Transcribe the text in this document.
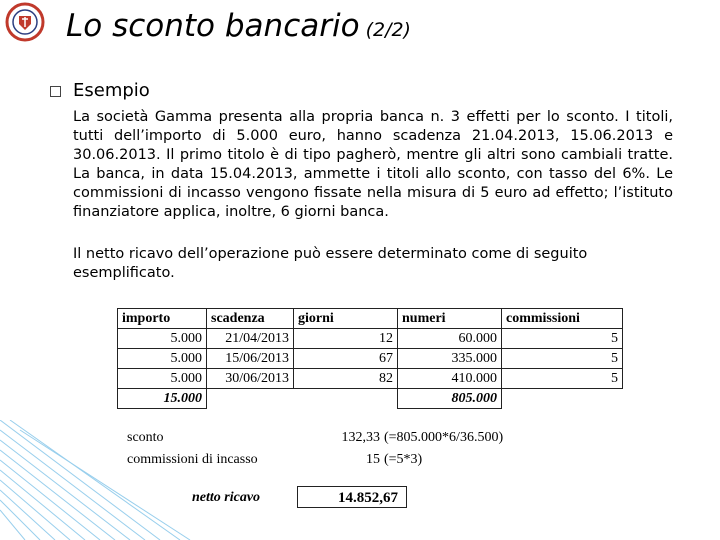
Lo sconto bancario (2/2)
Esempio
La società Gamma presenta alla propria banca n. 3 effetti per lo sconto. I titoli, tutti dell’importo di 5.000 euro, hanno scadenza 21.04.2013, 15.06.2013 e 30.06.2013. Il primo titolo è di tipo pagherò, mentre gli altri sono cambiali tratte. La banca, in data 15.04.2013, ammette i titoli allo sconto, con tasso del 6%. Le commissioni di incasso vengono fissate nella misura di 5 euro ad effetto; l’istituto finanziatore applica, inoltre, 6 giorni banca.
Il netto ricavo dell’operazione può essere determinato come di seguito esemplificato.
importo	scadenza	giorni	numeri	commissioni
5.000	21/04/2013	12	60.000	5
5.000	15/06/2013	67	335.000	5
5.000	30/06/2013	82	410.000	5
15.000			805.000	
sconto	132,33 (=805.000*6/36.500)
commissioni di incasso	15 (=5*3)
netto ricavo	14.852,67
